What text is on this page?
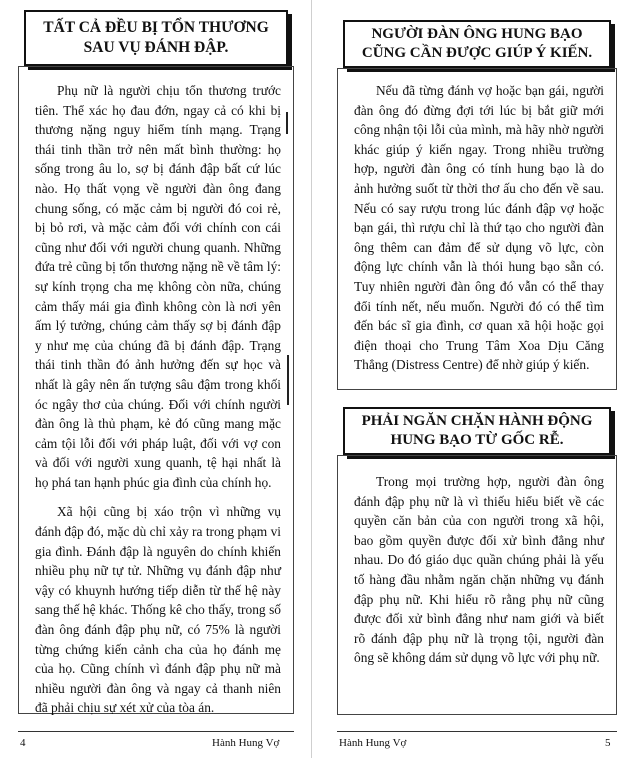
TẤT CẢ ĐỀU BỊ TỔN THƯƠNG
SAU VỤ ĐÁNH ĐẬP.

Phụ nữ là người chịu tổn thương trước tiên. Thể xác họ đau đớn, ngay cả có khi bị thương nặng nguy hiểm tính mạng. Trạng thái tinh thần trở nên mất bình thường: họ sống trong âu lo, sợ bị đánh đập bất cứ lúc nào. Họ thất vọng về người đàn ông đang chung sống, có mặc cảm bị người đó coi rẻ, bị bỏ rơi, và mặc cảm đối với chính con cái cũng như đối với người chung quanh. Những đứa trẻ cũng bị tổn thương nặng nề về tâm lý: sự kính trọng cha mẹ không còn nữa, chúng cảm thấy mái gia đình không còn là nơi yên ấm lý tưởng, chúng cảm thấy sợ bị đánh đập y như mẹ của chúng đã bị đánh đập. Trạng thái tinh thần đó ảnh hưởng đến sự học và nhất là gây nên ấn tượng sâu đậm trong khối óc ngây thơ của chúng. Đối với chính người đàn ông là thủ phạm, kẻ đó cũng mang mặc cảm tội lỗi đối với pháp luật, đối với vợ con và đối với người xung quanh, tệ hại nhất là họ phá tan hạnh phúc gia đình của chính họ.

Xã hội cũng bị xáo trộn vì những vụ đánh đập đó, mặc dù chỉ xảy ra trong phạm vi gia đình. Đánh đập là nguyên do chính khiến nhiều phụ nữ tự tử. Những vụ đánh đập như vậy có khuynh hướng tiếp diễn từ thế hệ này sang thế hệ khác. Thống kê cho thấy, trong số đàn ông đánh đập phụ nữ, có 75% là người từng chứng kiến cảnh cha của họ đánh mẹ của họ. Cũng chính vì đánh đập phụ nữ mà nhiều người đàn ông và ngay cả thanh niên đã phải chịu sự xét xử của tòa án.

4	Hành Hung Vợ
NGƯỜI ĐÀN ÔNG HUNG BẠO
CŨNG CẦN ĐƯỢC GIÚP Ý KIẾN.

Nếu đã từng đánh vợ hoặc bạn gái, người đàn ông đó đừng đợi tới lúc bị bắt giữ mới công nhận tội lỗi của mình, mà hãy nhờ người khác giúp ý kiến ngay. Trong nhiều trường hợp, người đàn ông có tính hung bạo là do ảnh hưởng suốt từ thời thơ ấu cho đến về sau. Nếu có say rượu trong lúc đánh đập vợ hoặc bạn gái, thì rượu chỉ là thứ tạo cho người đàn ông thêm can đảm để sử dụng võ lực, còn động lực chính vẫn là thói hung bạo sẵn có. Tuy nhiên người đàn ông đó vẫn có thể thay đổi tính nết, nếu muốn. Người đó có thể tìm đến bác sĩ gia đình, cơ quan xã hội hoặc gọi điện thoại cho Trung Tâm Xoa Dịu Căng Thẳng (Distress Centre) để nhờ giúp ý kiến.

PHẢI NGĂN CHẶN HÀNH ĐỘNG
HUNG BẠO TỪ GỐC RỄ.

Trong mọi trường hợp, người đàn ông đánh đập phụ nữ là vì thiếu hiểu biết về các quyền căn bản của con người trong xã hội, bao gồm quyền được đối xử bình đẳng như nhau. Do đó giáo dục quần chúng phải là yếu tố hàng đầu nhằm ngăn chặn những vụ đánh đập phụ nữ. Khi hiểu rõ rằng phụ nữ cũng được đối xử bình đẳng như nam giới và biết rõ đánh đập phụ nữ là trọng tội, người đàn ông sẽ không dám sử dụng võ lực với phụ nữ.

Hành Hung Vợ	5
